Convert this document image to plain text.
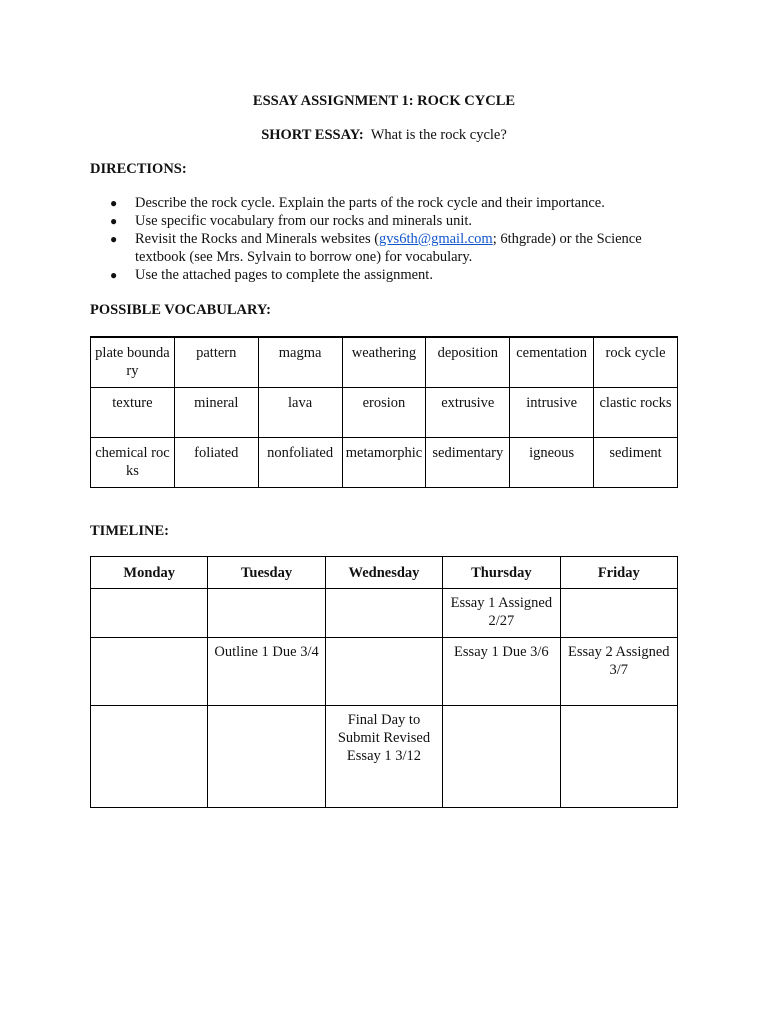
ESSAY ASSIGNMENT 1: ROCK CYCLE
SHORT ESSAY: What is the rock cycle?
DIRECTIONS:
● Describe the rock cycle. Explain the parts of the rock cycle and their importance.
● Use specific vocabulary from our rocks and minerals unit.
● Revisit the Rocks and Minerals websites (gvs6th@gmail.com; 6thgrade) or the Science textbook (see Mrs. Sylvain to borrow one) for vocabulary.
● Use the attached pages to complete the assignment.
POSSIBLE VOCABULARY:
plate boundary	pattern	magma	weathering	deposition	cementation	rock cycle
texture	mineral	lava	erosion	extrusive	intrusive	clastic rocks
chemical rocks	foliated	nonfoliated	metamorphic	sedimentary	igneous	sediment
TIMELINE:
Monday	Tuesday	Wednesday	Thursday	Friday
			Essay 1 Assigned 2/27	
	Outline 1 Due 3/4		Essay 1 Due 3/6	Essay 2 Assigned 3/7
		Final Day to Submit Revised Essay 1 3/12		
